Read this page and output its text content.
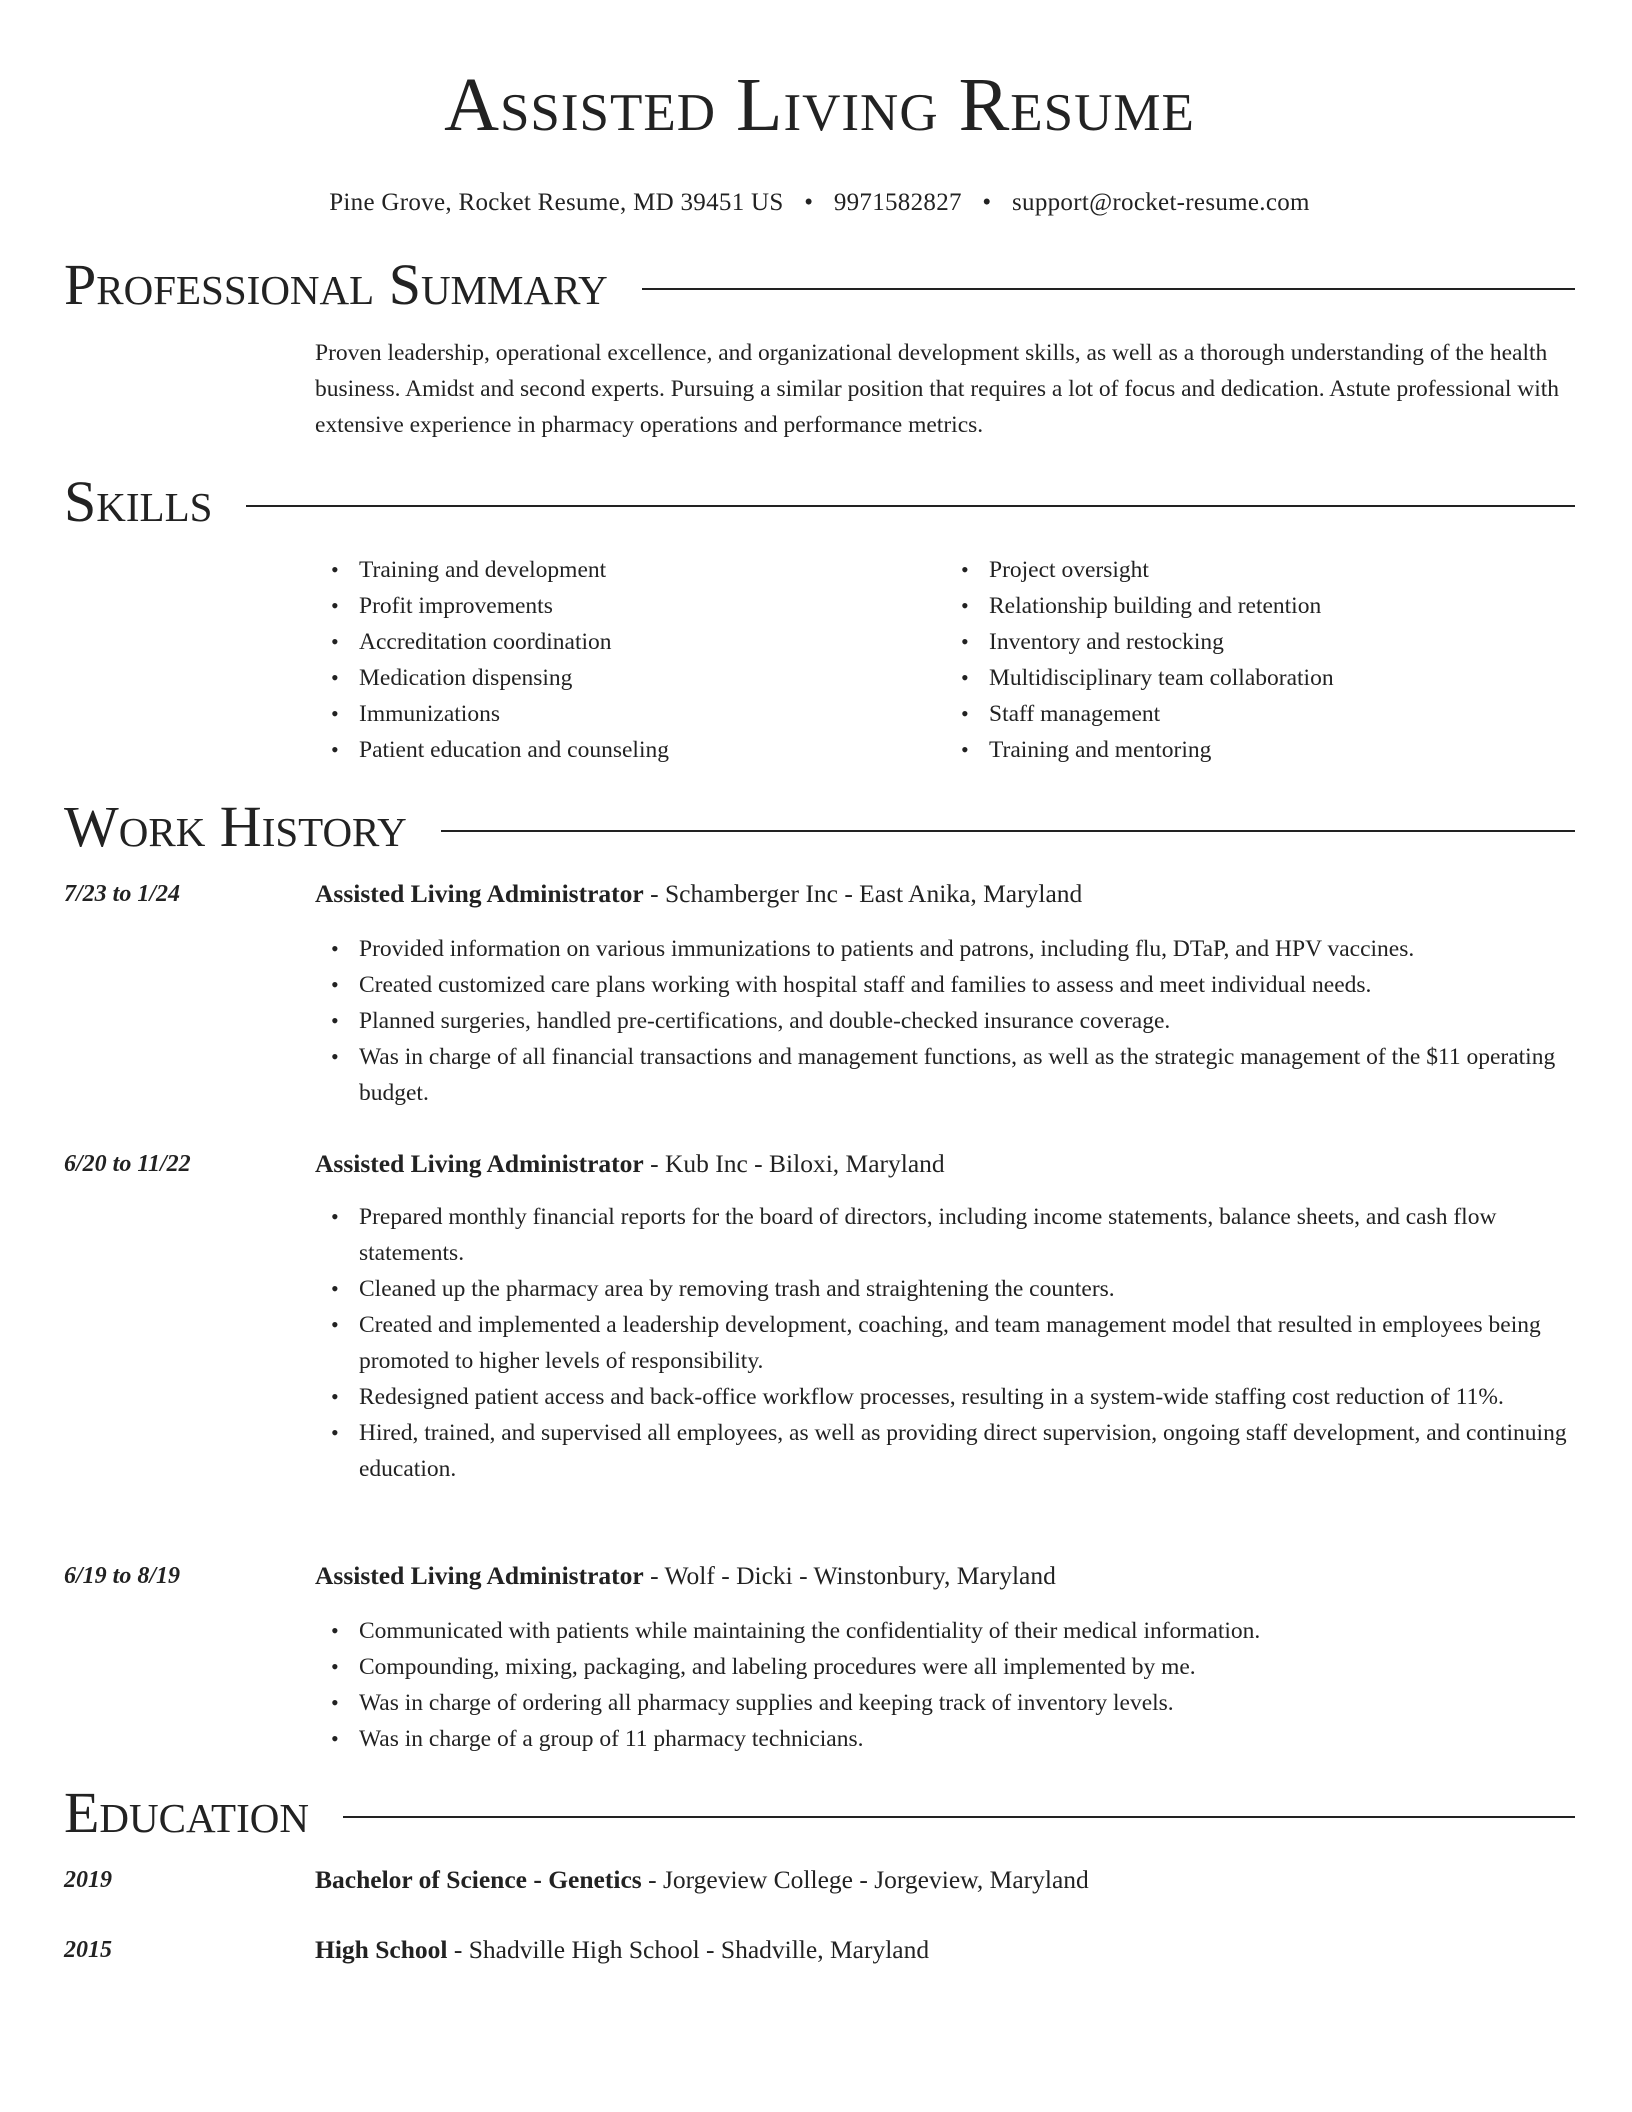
Assisted Living Resume
Pine Grove, Rocket Resume, MD 39451 US • 9971582827 • support@rocket-resume.com
Professional Summary

Proven leadership, operational excellence, and organizational development skills, as well as a thorough understanding of the health business. Amidst and second experts. Pursuing a similar position that requires a lot of focus and dedication. Astute professional with extensive experience in pharmacy operations and performance metrics.

Skills
• Training and development
• Profit improvements
• Accreditation coordination
• Medication dispensing
• Immunizations
• Patient education and counseling
• Project oversight
• Relationship building and retention
• Inventory and restocking
• Multidisciplinary team collaboration
• Staff management
• Training and mentoring
Work History
7/23 to 1/24	Assisted Living Administrator - Schamberger Inc - East Anika, Maryland
• Provided information on various immunizations to patients and patrons, including flu, DTaP, and HPV vaccines.
• Created customized care plans working with hospital staff and families to assess and meet individual needs.
• Planned surgeries, handled pre-certifications, and double-checked insurance coverage.
• Was in charge of all financial transactions and management functions, as well as the strategic management of the $11 operating budget.
6/20 to 11/22	Assisted Living Administrator - Kub Inc - Biloxi, Maryland
• Prepared monthly financial reports for the board of directors, including income statements, balance sheets, and cash flow statements.
• Cleaned up the pharmacy area by removing trash and straightening the counters.
• Created and implemented a leadership development, coaching, and team management model that resulted in employees being promoted to higher levels of responsibility.
• Redesigned patient access and back-office workflow processes, resulting in a system-wide staffing cost reduction of 11%.
• Hired, trained, and supervised all employees, as well as providing direct supervision, ongoing staff development, and continuing education.
6/19 to 8/19	Assisted Living Administrator - Wolf - Dicki - Winstonbury, Maryland
• Communicated with patients while maintaining the confidentiality of their medical information.
• Compounding, mixing, packaging, and labeling procedures were all implemented by me.
• Was in charge of ordering all pharmacy supplies and keeping track of inventory levels.
• Was in charge of a group of 11 pharmacy technicians.
Education
2019	Bachelor of Science - Genetics - Jorgeview College - Jorgeview, Maryland
2015	High School - Shadville High School - Shadville, Maryland
